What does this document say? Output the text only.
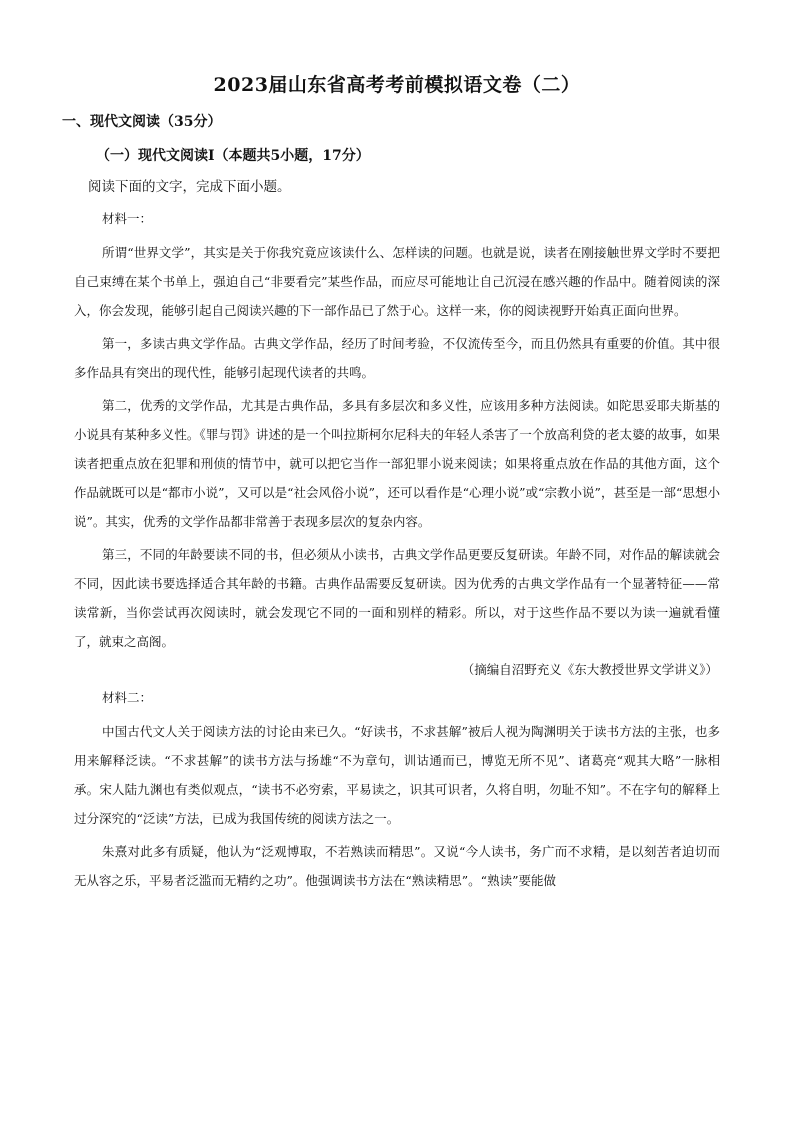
2023届山东省高考考前模拟语文卷（二）
一、现代文阅读（35分）
（一）现代文阅读Ⅰ（本题共5小题，17分）
阅读下面的文字，完成下面小题。
材料一：

所谓“世界文学”，其实是关于你我究竟应该读什么、怎样读的问题。也就是说，读者在刚接触世界文学时不要把自己束缚在某个书单上，强迫自己“非要看完”某些作品，而应尽可能地让自己沉浸在感兴趣的作品中。随着阅读的深入，你会发现，能够引起自己阅读兴趣的下一部作品已了然于心。这样一来，你的阅读视野开始真正面向世界。

第一，多读古典文学作品。古典文学作品，经历了时间考验，不仅流传至今，而且仍然具有重要的价值。其中很多作品具有突出的现代性，能够引起现代读者的共鸣。

第二，优秀的文学作品，尤其是古典作品，多具有多层次和多义性，应该用多种方法阅读。如陀思妥耶夫斯基的小说具有某种多义性。《罪与罚》讲述的是一个叫拉斯柯尔尼科夫的年轻人杀害了一个放高利贷的老太婆的故事，如果读者把重点放在犯罪和刑侦的情节中，就可以把它当作一部犯罪小说来阅读；如果将重点放在作品的其他方面，这个作品就既可以是“都市小说”，又可以是“社会风俗小说”，还可以看作是“心理小说”或“宗教小说”，甚至是一部“思想小说”。其实，优秀的文学作品都非常善于表现多层次的复杂内容。

第三，不同的年龄要读不同的书，但必须从小读书，古典文学作品更要反复研读。年龄不同，对作品的解读就会不同，因此读书要选择适合其年龄的书籍。古典作品需要反复研读。因为优秀的古典文学作品有一个显著特征——常读常新，当你尝试再次阅读时，就会发现它不同的一面和别样的精彩。所以，对于这些作品不要以为读一遍就看懂了，就束之高阁。

（摘编自沼野充义《东大教授世界文学讲义》）
材料二：

中国古代文人关于阅读方法的讨论由来已久。“好读书，不求甚解”被后人视为陶渊明关于读书方法的主张，也多用来解释泛读。“不求甚解”的读书方法与扬雄“不为章句，训诂通而已，博览无所不见”、诸葛亮“观其大略”一脉相承。宋人陆九渊也有类似观点，“读书不必穷索，平易读之，识其可识者，久将自明，勿耻不知”。不在字句的解释上过分深究的“泛读”方法，已成为我国传统的阅读方法之一。

朱熹对此多有质疑，他认为“泛观博取，不若熟读而精思”。又说“今人读书，务广而不求精，是以刻苦者迫切而无从容之乐，平易者泛滥而无精约之功”。他强调读书方法在“熟读精思”。“熟读”要能做
